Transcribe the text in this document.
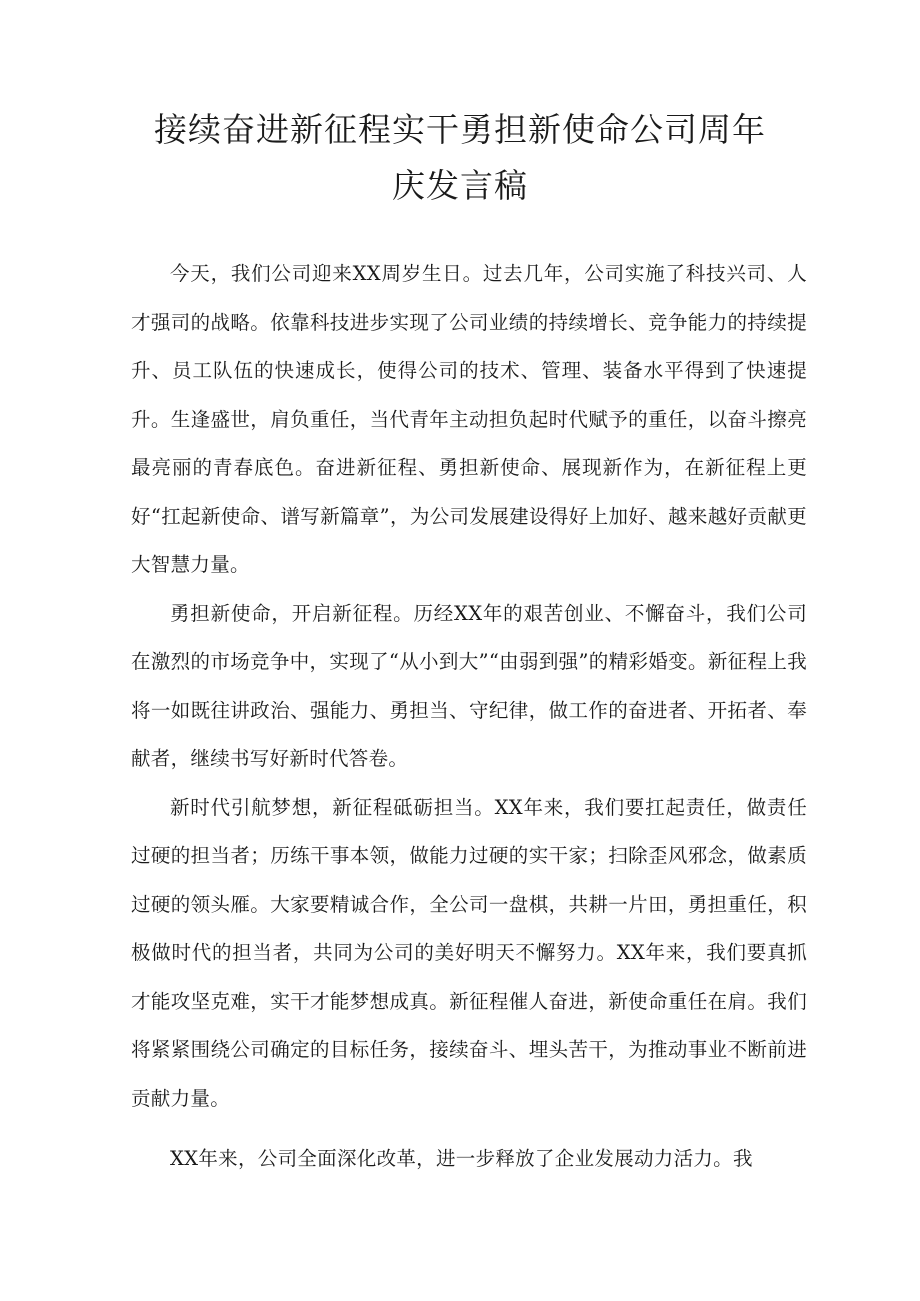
接续奋进新征程实干勇担新使命公司周年
庆发言稿

今天，我们公司迎来XX周岁生日。过去几年，公司实施了科技兴司、人才强司的战略。依靠科技进步实现了公司业绩的持续增长、竞争能力的持续提升、员工队伍的快速成长，使得公司的技术、管理、装备水平得到了快速提升。生逢盛世，肩负重任，当代青年主动担负起时代赋予的重任，以奋斗擦亮最亮丽的青春底色。奋进新征程、勇担新使命、展现新作为，在新征程上更好“扛起新使命、谱写新篇章”，为公司发展建设得好上加好、越来越好贡献更大智慧力量。

勇担新使命，开启新征程。历经XX年的艰苦创业、不懈奋斗，我们公司在激烈的市场竞争中，实现了“从小到大”“由弱到强”的精彩婚变。新征程上我将一如既往讲政治、强能力、勇担当、守纪律，做工作的奋进者、开拓者、奉献者，继续书写好新时代答卷。

新时代引航梦想，新征程砥砺担当。XX年来，我们要扛起责任，做责任过硬的担当者；历练干事本领，做能力过硬的实干家；扫除歪风邪念，做素质过硬的领头雁。大家要精诚合作，全公司一盘棋，共耕一片田，勇担重任，积极做时代的担当者，共同为公司的美好明天不懈努力。XX年来，我们要真抓才能攻坚克难，实干才能梦想成真。新征程催人奋进，新使命重任在肩。我们将紧紧围绕公司确定的目标任务，接续奋斗、埋头苦干，为推动事业不断前进贡献力量。

XX年来，公司全面深化改革，进一步释放了企业发展动力活力。我
